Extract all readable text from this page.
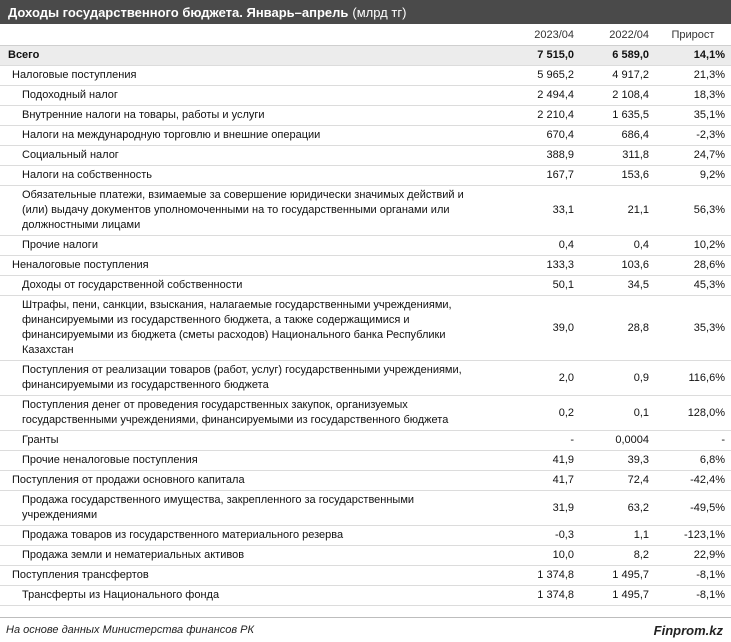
Доходы государственного бюджета. Январь–апрель (млрд тг)
	2023/04	2022/04	Прирост
Всего	7 515,0	6 589,0	14,1%
Налоговые поступления	5 965,2	4 917,2	21,3%
Подоходный налог	2 494,4	2 108,4	18,3%
Внутренние налоги на товары, работы и услуги	2 210,4	1 635,5	35,1%
Налоги на международную торговлю и внешние операции	670,4	686,4	-2,3%
Социальный налог	388,9	311,8	24,7%
Налоги на собственность	167,7	153,6	9,2%
Обязательные платежи, взимаемые за совершение юридически значимых действий и (или) выдачу документов уполномоченными на то государственными органами или должностными лицами	33,1	21,1	56,3%
Прочие налоги	0,4	0,4	10,2%
Неналоговые поступления	133,3	103,6	28,6%
Доходы от государственной собственности	50,1	34,5	45,3%
Штрафы, пени, санкции, взыскания, налагаемые государственными учреждениями, финансируемыми из государственного бюджета, а также содержащимися и финансируемыми из бюджета (сметы расходов) Национального банка Республики Казахстан	39,0	28,8	35,3%
Поступления от реализации товаров (работ, услуг) государственными учреждениями, финансируемыми из государственного бюджета	2,0	0,9	116,6%
Поступления денег от проведения государственных закупок, организуемых государственными учреждениями, финансируемыми из государственного бюджета	0,2	0,1	128,0%
Гранты	-	0,0004	-
Прочие неналоговые поступления	41,9	39,3	6,8%
Поступления от продажи основного капитала	41,7	72,4	-42,4%
Продажа государственного имущества, закрепленного за государственными учреждениями	31,9	63,2	-49,5%
Продажа товаров из государственного материального резерва	-0,3	1,1	-123,1%
Продажа земли и нематериальных активов	10,0	8,2	22,9%
Поступления трансфертов	1 374,8	1 495,7	-8,1%
Трансферты из Национального фонда	1 374,8	1 495,7	-8,1%
На основе данных Министерства финансов РК	Finprom.kz
